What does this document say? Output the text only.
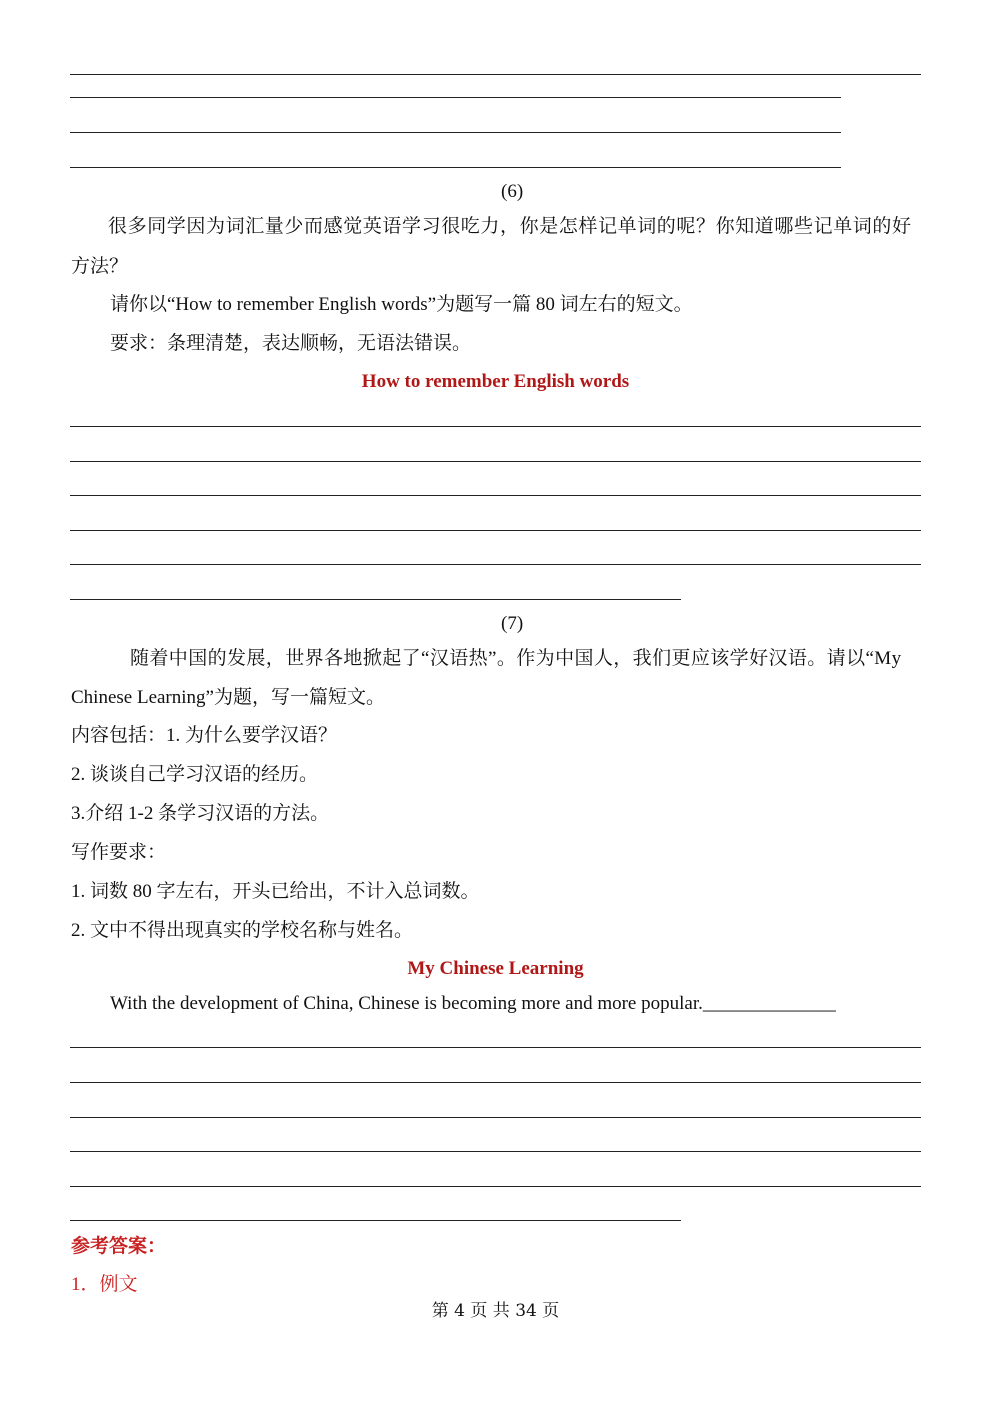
(6)
很多同学因为词汇量少而感觉英语学习很吃力，你是怎样记单词的呢？你知道哪些记单词的好
方法？
请你以“How to remember English words”为题写一篇 80 词左右的短文。
要求：条理清楚，表达顺畅，无语法错误。
How to remember English words
(7)
随着中国的发展，世界各地掀起了“汉语热”。作为中国人，我们更应该学好汉语。请以“My
Chinese Learning”为题，写一篇短文。
内容包括：1. 为什么要学汉语？
2. 谈谈自己学习汉语的经历。
3.介绍 1-2 条学习汉语的方法。
写作要求：
1. 词数 80 字左右，开头已给出，不计入总词数。
2. 文中不得出现真实的学校名称与姓名。
My Chinese Learning
With the development of China, Chinese is becoming more and more popular.______________
参考答案：
1．例文
第 4 页 共 34 页
